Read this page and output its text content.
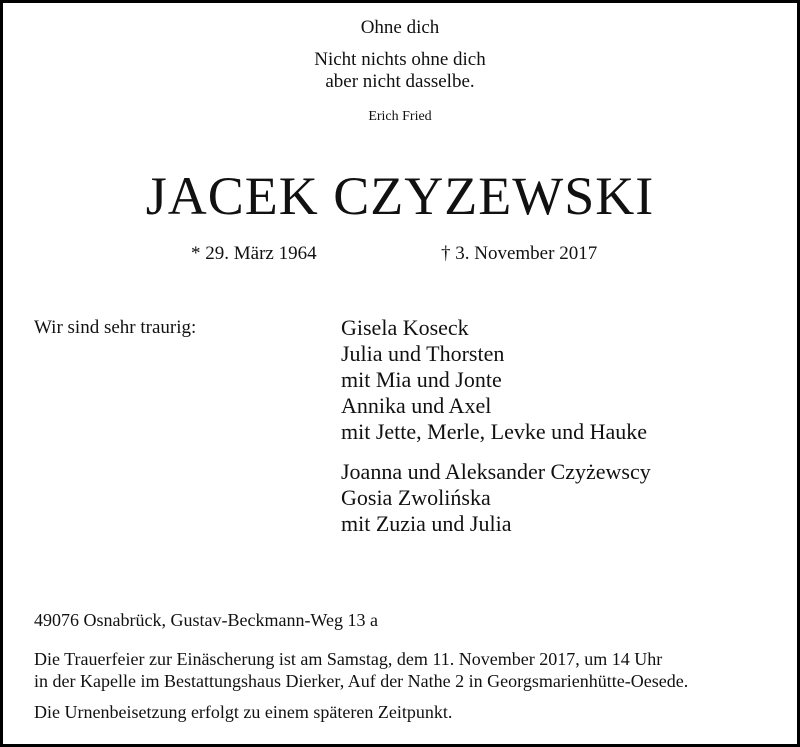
Ohne dich
Nicht nichts ohne dich
aber nicht dasselbe.
Erich Fried
JACEK CZYZEWSKI
* 29. März 1964	† 3. November 2017
Wir sind sehr traurig:	Gisela Koseck
Julia und Thorsten
mit Mia und Jonte
Annika und Axel
mit Jette, Merle, Levke und Hauke
Joanna und Aleksander Czyżewscy
Gosia Zwolińska
mit Zuzia und Julia
49076 Osnabrück, Gustav-Beckmann-Weg 13 a
Die Trauerfeier zur Einäscherung ist am Samstag, dem 11. November 2017, um 14 Uhr
in der Kapelle im Bestattungshaus Dierker, Auf der Nathe 2 in Georgsmarienhütte-Oesede.
Die Urnenbeisetzung erfolgt zu einem späteren Zeitpunkt.
